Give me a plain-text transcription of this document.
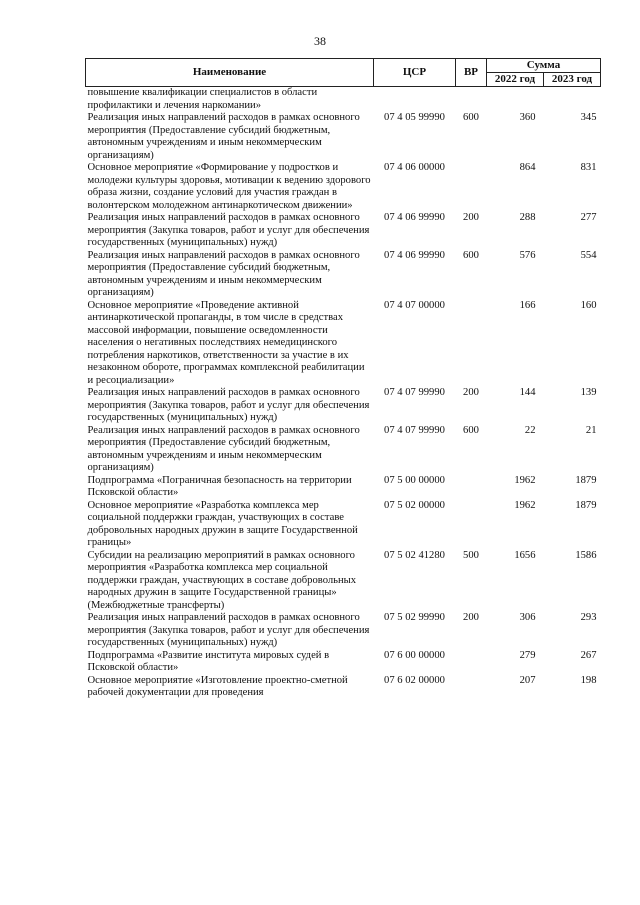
38
Наименование	ЦСР	ВР	Сумма	
			2022 год	2023 год
повышение квалификации специалистов в области профилактики и лечения наркомании»				
Реализация иных направлений расходов в рамках основного мероприятия (Предоставление субсидий бюджетным, автономным учреждениям и иным некоммерческим организациям)	07 4 05 99990	600	360	345
Основное мероприятие «Формирование у подростков и молодежи культуры здоровья, мотивации к ведению здорового образа жизни, создание условий для участия граждан в волонтерском молодежном антинаркотическом движении»	07 4 06 00000		864	831
Реализация иных направлений расходов в рамках основного мероприятия (Закупка товаров, работ и услуг для обеспечения государственных (муниципальных) нужд)	07 4 06 99990	200	288	277
Реализация иных направлений расходов в рамках основного мероприятия (Предоставление субсидий бюджетным, автономным учреждениям и иным некоммерческим организациям)	07 4 06 99990	600	576	554
Основное мероприятие «Проведение активной антинаркотической пропаганды, в том числе в средствах массовой информации, повышение осведомленности населения о негативных последствиях немедицинского потребления наркотиков, ответственности за участие в их незаконном обороте, программах комплексной реабилитации и ресоциализации»	07 4 07 00000		166	160
Реализация иных направлений расходов в рамках основного мероприятия (Закупка товаров, работ и услуг для обеспечения государственных (муниципальных) нужд)	07 4 07 99990	200	144	139
Реализация иных направлений расходов в рамках основного мероприятия (Предоставление субсидий бюджетным, автономным учреждениям и иным некоммерческим организациям)	07 4 07 99990	600	22	21
Подпрограмма «Пограничная безопасность на территории Псковской области»	07 5 00 00000		1962	1879
Основное мероприятие «Разработка комплекса мер социальной поддержки граждан, участвующих в составе добровольных народных дружин в защите Государственной границы»	07 5 02 00000		1962	1879
Субсидии на реализацию мероприятий в рамках основного мероприятия «Разработка комплекса мер социальной поддержки граждан, участвующих в составе добровольных народных дружин в защите Государственной границы» (Межбюджетные трансферты)	07 5 02 41280	500	1656	1586
Реализация иных направлений расходов в рамках основного мероприятия (Закупка товаров, работ и услуг для обеспечения государственных (муниципальных) нужд)	07 5 02 99990	200	306	293
Подпрограмма «Развитие института мировых судей в Псковской области»	07 6 00 00000		279	267
Основное мероприятие «Изготовление проектно-сметной рабочей документации для проведения	07 6 02 00000		207	198
